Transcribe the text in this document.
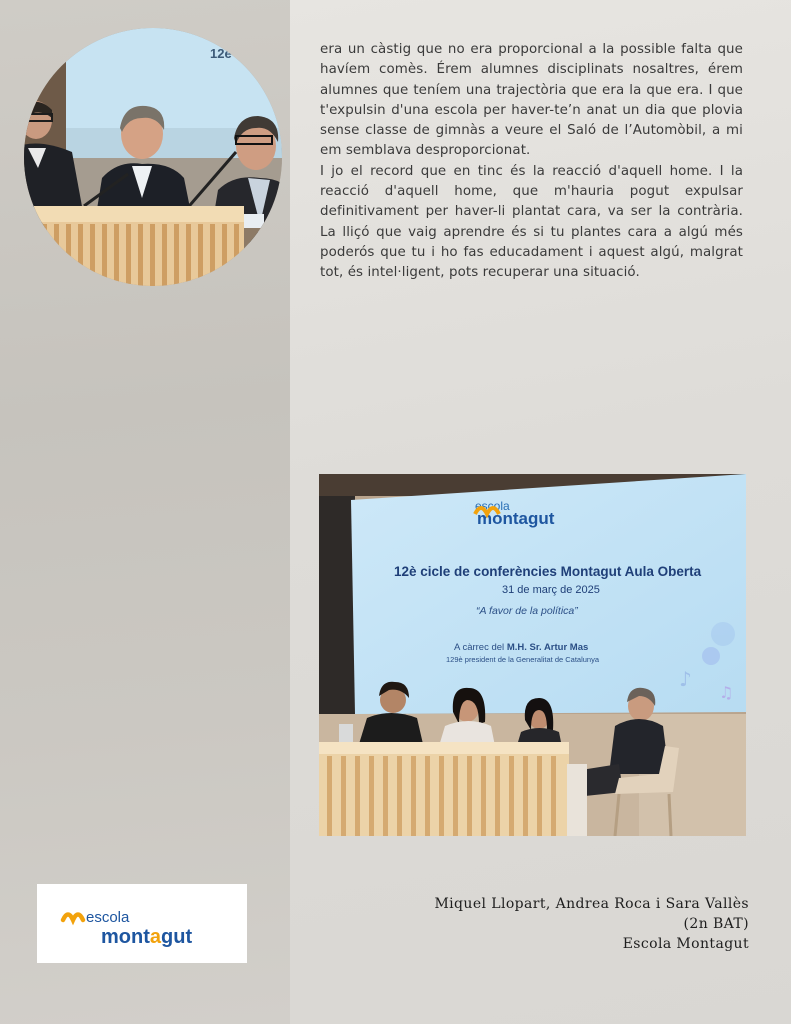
12è	era un càstig que no era proporcional a la possible falta que havíem comès. Érem alumnes disciplinats nosaltres, érem alumnes que teníem una trajectòria que era la que era. I que t'expulsin d'una escola per haver-te’n anat un dia que plovia sense classe de gimnàs a veure el Saló de l’Automòbil, a mi em semblava desproporcionat.

I jo el record que en tinc és la reacció d'aquell home. I la reacció d'aquell home, que m'hauria pogut expulsar definitivament per haver-li plantat cara, va ser la contrària. La lliçó que vaig aprendre és si tu plantes cara a algú més poderós que tu i ho fas educadament i aquest algú, malgrat tot, és intel·ligent, pots recuperar una situació.

escola
montagut
12è cicle de conferències Montagut Aula Oberta
31 de març de 2025
“A favor de la política”
A càrrec del M.H. Sr. Artur Mas
129è president de la Generalitat de Catalunya
♪
♫
escola
montagut
Miquel Llopart, Andrea Roca i Sara Vallès
(2n BAT)
Escola Montagut
